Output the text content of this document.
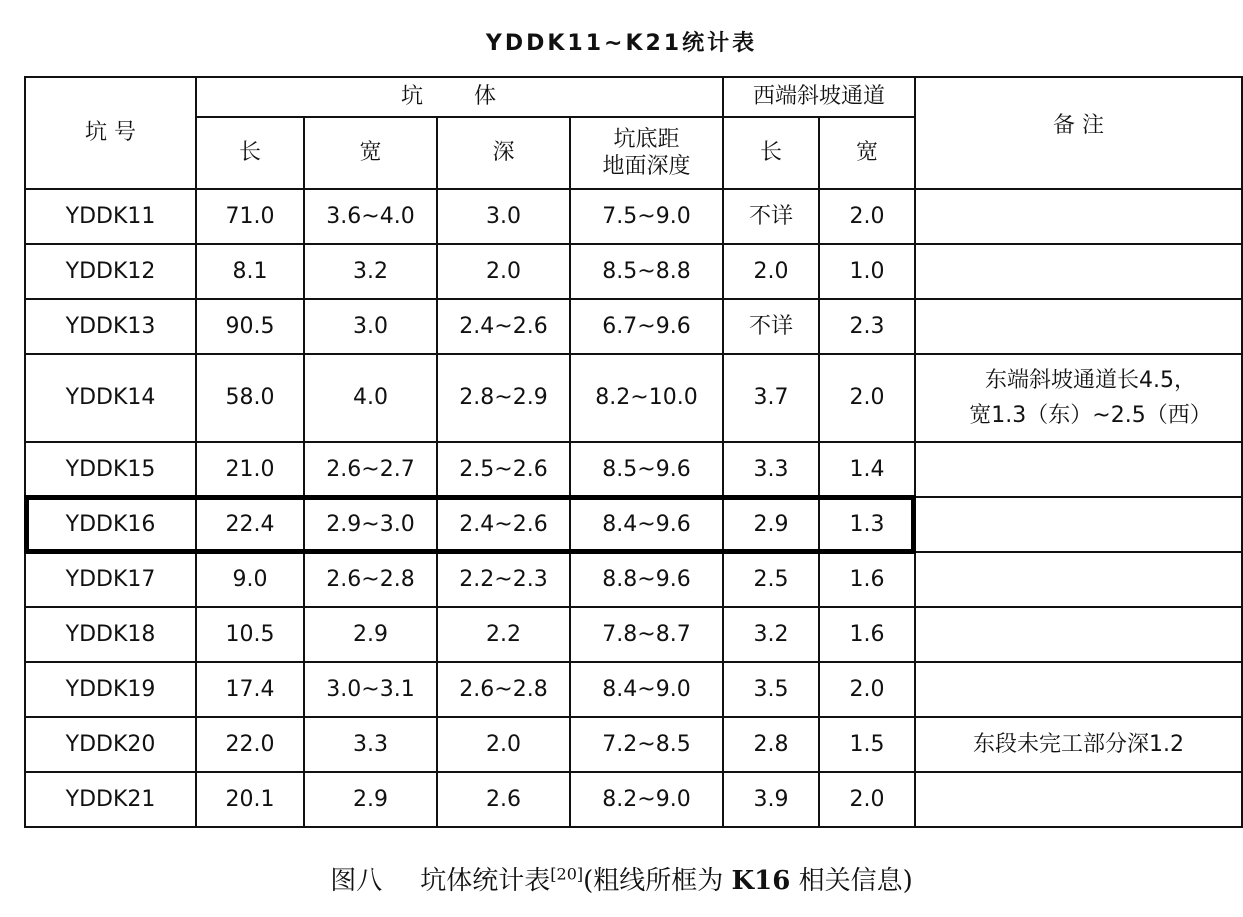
YDDK11~K21统计表
坑 号	坑 体				西端斜坡通道		备 注
	长	宽	深	坑底距
地面深度	长	宽	
YDDK11	71.0	3.6~4.0	3.0	7.5~9.0	不详	2.0	
YDDK12	8.1	3.2	2.0	8.5~8.8	2.0	1.0	
YDDK13	90.5	3.0	2.4~2.6	6.7~9.6	不详	2.3	
YDDK14	58.0	4.0	2.8~2.9	8.2~10.0	3.7	2.0	东端斜坡通道长4.5，
宽1.3（东）~2.5（西）

YDDK15	21.0	2.6~2.7	2.5~2.6	8.5~9.6	3.3	1.4	
YDDK16	22.4	2.9~3.0	2.4~2.6	8.4~9.6	2.9	1.3	
YDDK17	9.0	2.6~2.8	2.2~2.3	8.8~9.6	2.5	1.6	
YDDK18	10.5	2.9	2.2	7.8~8.7	3.2	1.6	
YDDK19	17.4	3.0~3.1	2.6~2.8	8.4~9.0	3.5	2.0	
YDDK20	22.0	3.3	2.0	7.2~8.5	2.8	1.5	东段未完工部分深1.2
YDDK21	20.1	2.9	2.6	8.2~9.0	3.9	2.0	
图八 坑体统计表[20](粗线所框为 K16 相关信息)
